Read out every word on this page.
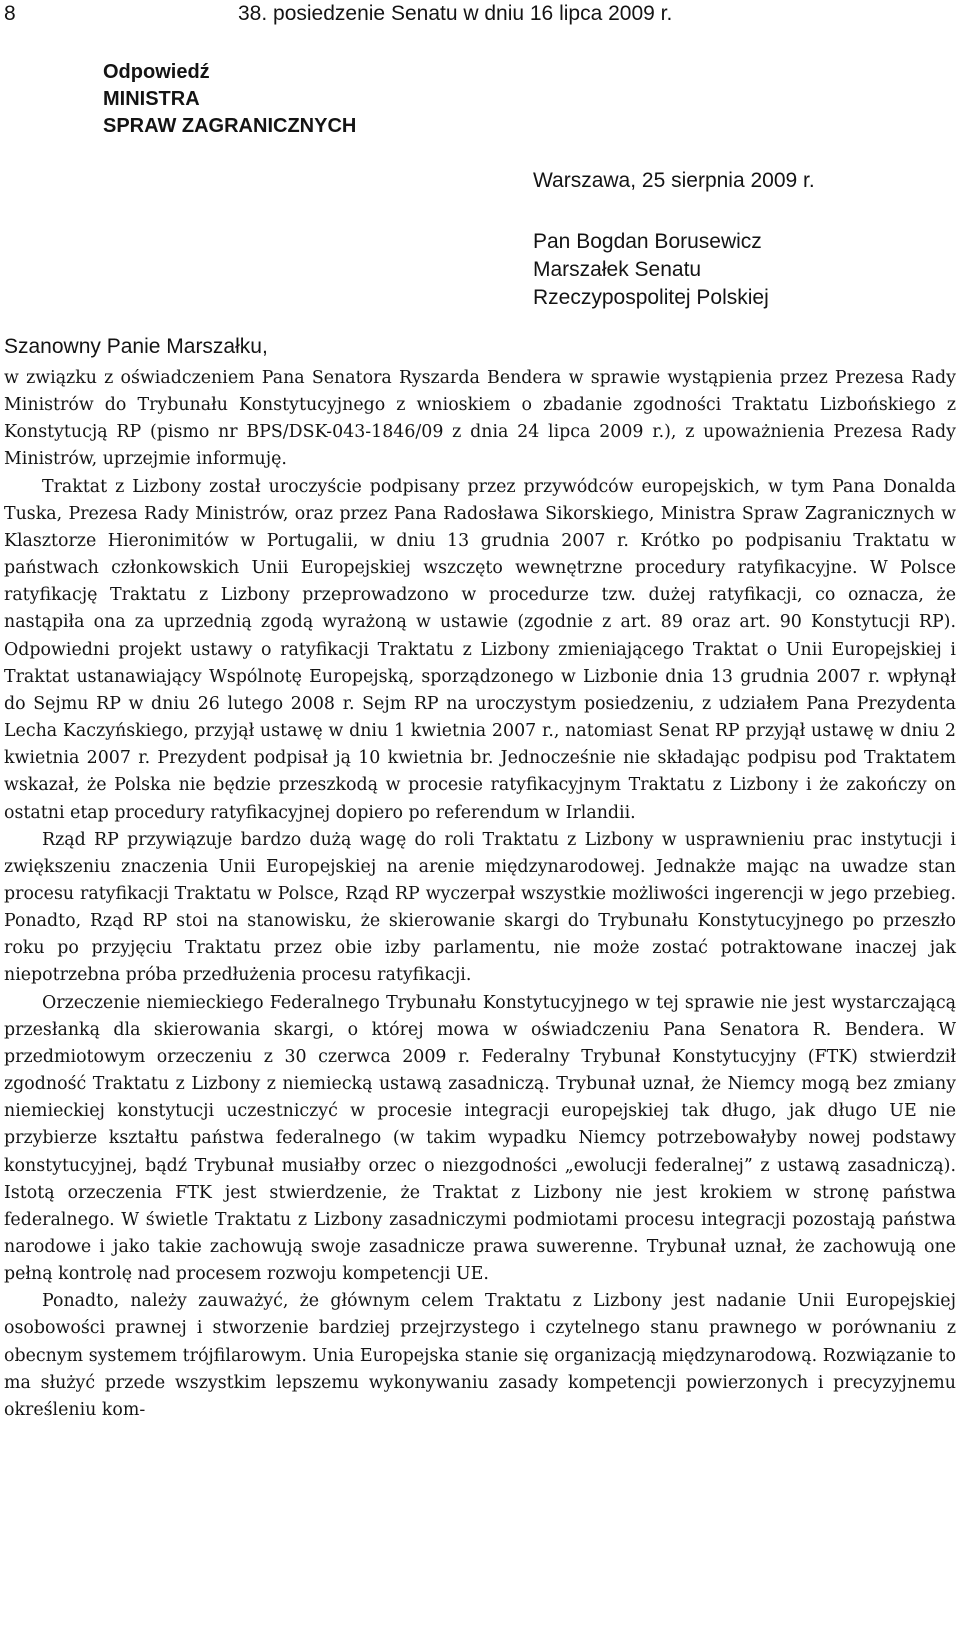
8	38. posiedzenie Senatu w dniu 16 lipca 2009 r.
Odpowiedź
MINISTRA
SPRAW ZAGRANICZNYCH
Warszawa, 25 sierpnia 2009 r.
Pan Bogdan Borusewicz
Marszałek Senatu
Rzeczypospolitej Polskiej
Szanowny Panie Marszałku,

w związku z oświadczeniem Pana Senatora Ryszarda Bendera w sprawie wystąpienia przez Prezesa Rady Ministrów do Trybunału Konstytucyjnego z wnioskiem o zbadanie zgodności Traktatu Lizbońskiego z Konstytucją RP (pismo nr BPS/DSK-043-1846/09 z dnia 24 lipca 2009 r.), z upoważnienia Prezesa Rady Ministrów, uprzejmie informuję.

Traktat z Lizbony został uroczyście podpisany przez przywódców europejskich, w tym Pana Donalda Tuska, Prezesa Rady Ministrów, oraz przez Pana Radosława Sikorskiego, Ministra Spraw Zagranicznych w Klasztorze Hieronimitów w Portugalii, w dniu 13 grudnia 2007 r. Krótko po podpisaniu Traktatu w państwach członkowskich Unii Europejskiej wszczęto wewnętrzne procedury ratyfikacyjne. W Polsce ratyfikację Traktatu z Lizbony przeprowadzono w procedurze tzw. dużej ratyfikacji, co oznacza, że nastąpiła ona za uprzednią zgodą wyrażoną w ustawie (zgodnie z art. 89 oraz art. 90 Konstytucji RP). Odpowiedni projekt ustawy o ratyfikacji Traktatu z Lizbony zmieniającego Traktat o Unii Europejskiej i Traktat ustanawiający Wspólnotę Europejską, sporządzonego w Lizbonie dnia 13 grudnia 2007 r. wpłynął do Sejmu RP w dniu 26 lutego 2008 r. Sejm RP na uroczystym posiedzeniu, z udziałem Pana Prezydenta Lecha Kaczyńskiego, przyjął ustawę w dniu 1 kwietnia 2007 r., natomiast Senat RP przyjął ustawę w dniu 2 kwietnia 2007 r. Prezydent podpisał ją 10 kwietnia br. Jednocześnie nie składając podpisu pod Traktatem wskazał, że Polska nie będzie przeszkodą w procesie ratyfikacyjnym Traktatu z Lizbony i że zakończy on ostatni etap procedury ratyfikacyjnej dopiero po referendum w Irlandii.

Rząd RP przywiązuje bardzo dużą wagę do roli Traktatu z Lizbony w usprawnieniu prac instytucji i zwiększeniu znaczenia Unii Europejskiej na arenie międzynarodowej. Jednakże mając na uwadze stan procesu ratyfikacji Traktatu w Polsce, Rząd RP wyczerpał wszystkie możliwości ingerencji w jego przebieg. Ponadto, Rząd RP stoi na stanowisku, że skierowanie skargi do Trybunału Konstytucyjnego po przeszło roku po przyjęciu Traktatu przez obie izby parlamentu, nie może zostać potraktowane inaczej jak niepotrzebna próba przedłużenia procesu ratyfikacji.

Orzeczenie niemieckiego Federalnego Trybunału Konstytucyjnego w tej sprawie nie jest wystarczającą przesłanką dla skierowania skargi, o której mowa w oświadczeniu Pana Senatora R. Bendera. W przedmiotowym orzeczeniu z 30 czerwca 2009 r. Federalny Trybunał Konstytucyjny (FTK) stwierdził zgodność Traktatu z Lizbony z niemiecką ustawą zasadniczą. Trybunał uznał, że Niemcy mogą bez zmiany niemieckiej konstytucji uczestniczyć w procesie integracji europejskiej tak długo, jak długo UE nie przybierze kształtu państwa federalnego (w takim wypadku Niemcy potrzebowałyby nowej podstawy konstytucyjnej, bądź Trybunał musiałby orzec o niezgodności „ewolucji federalnej” z ustawą zasadniczą). Istotą orzeczenia FTK jest stwierdzenie, że Traktat z Lizbony nie jest krokiem w stronę państwa federalnego. W świetle Traktatu z Lizbony zasadniczymi podmiotami procesu integracji pozostają państwa narodowe i jako takie zachowują swoje zasadnicze prawa suwerenne. Trybunał uznał, że zachowują one pełną kontrolę nad procesem rozwoju kompetencji UE.

Ponadto, należy zauważyć, że głównym celem Traktatu z Lizbony jest nadanie Unii Europejskiej osobowości prawnej i stworzenie bardziej przejrzystego i czytelnego stanu prawnego w porównaniu z obecnym systemem trójfilarowym. Unia Europejska stanie się organizacją międzynarodową. Rozwiązanie to ma służyć przede wszystkim lepszemu wykonywaniu zasady kompetencji powierzonych i precyzyjnemu określeniu kom-
